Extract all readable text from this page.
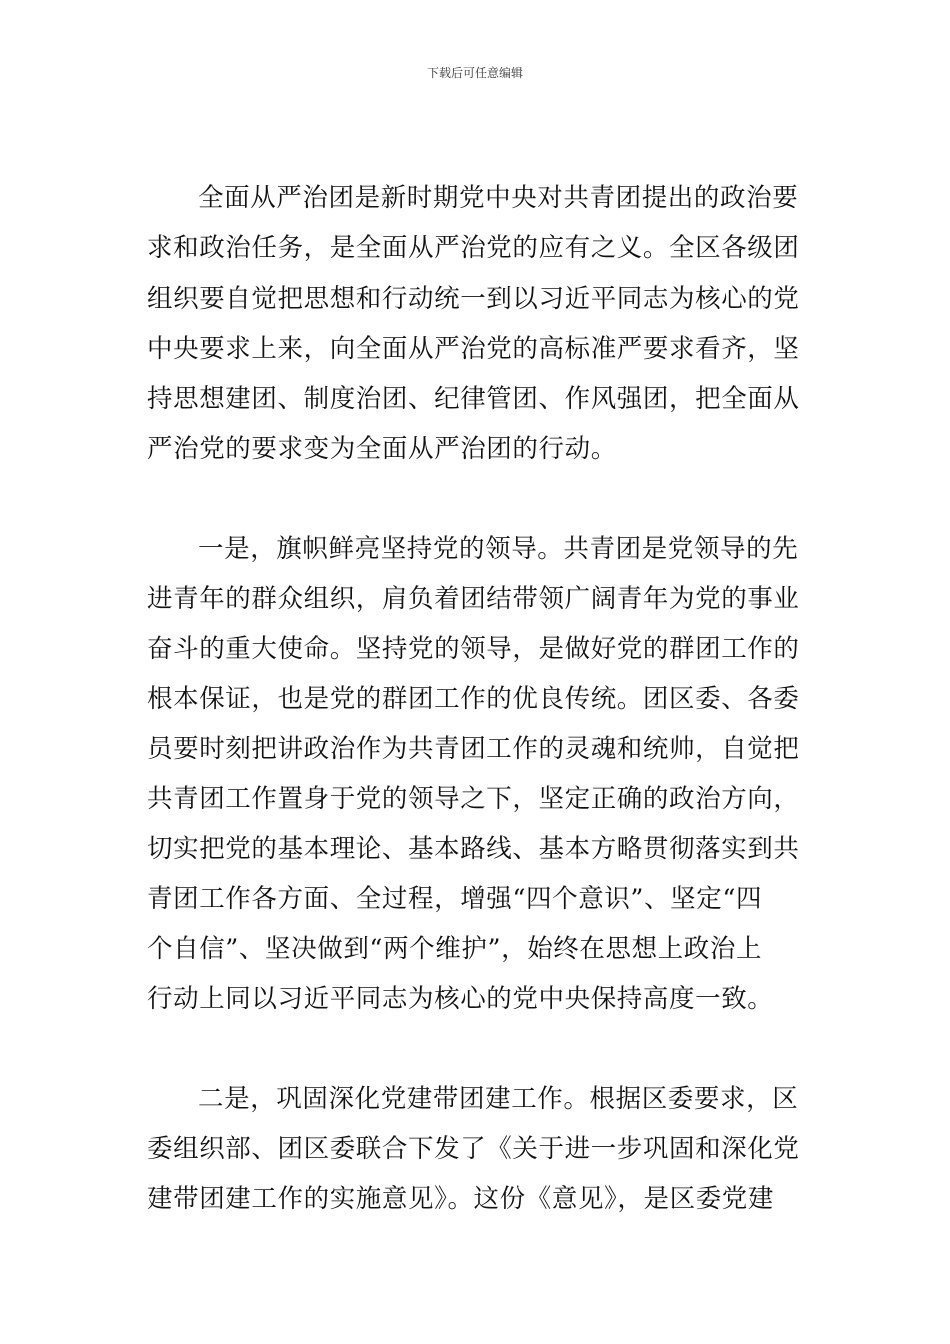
下载后可任意编辑
全面从严治团是新时期党中央对共青团提出的政治要
求和政治任务，是全面从严治党的应有之义。全区各级团
组织要自觉把思想和行动统一到以习近平同志为核心的党
中央要求上来，向全面从严治党的高标准严要求看齐，坚
持思想建团、制度治团、纪律管团、作风强团，把全面从
严治党的要求变为全面从严治团的行动。
一是，旗帜鲜亮坚持党的领导。共青团是党领导的先
进青年的群众组织，肩负着团结带领广阔青年为党的事业
奋斗的重大使命。坚持党的领导，是做好党的群团工作的
根本保证，也是党的群团工作的优良传统。团区委、各委
员要时刻把讲政治作为共青团工作的灵魂和统帅，自觉把
共青团工作置身于党的领导之下，坚定正确的政治方向，
切实把党的基本理论、基本路线、基本方略贯彻落实到共
青团工作各方面、全过程，增强“四个意识”、坚定“四
个自信”、坚决做到“两个维护”，始终在思想上政治上
行动上同以习近平同志为核心的党中央保持高度一致。
二是，巩固深化党建带团建工作。根据区委要求，区
委组织部、团区委联合下发了《关于进一步巩固和深化党
建带团建工作的实施意见》。这份《意见》，是区委党建
